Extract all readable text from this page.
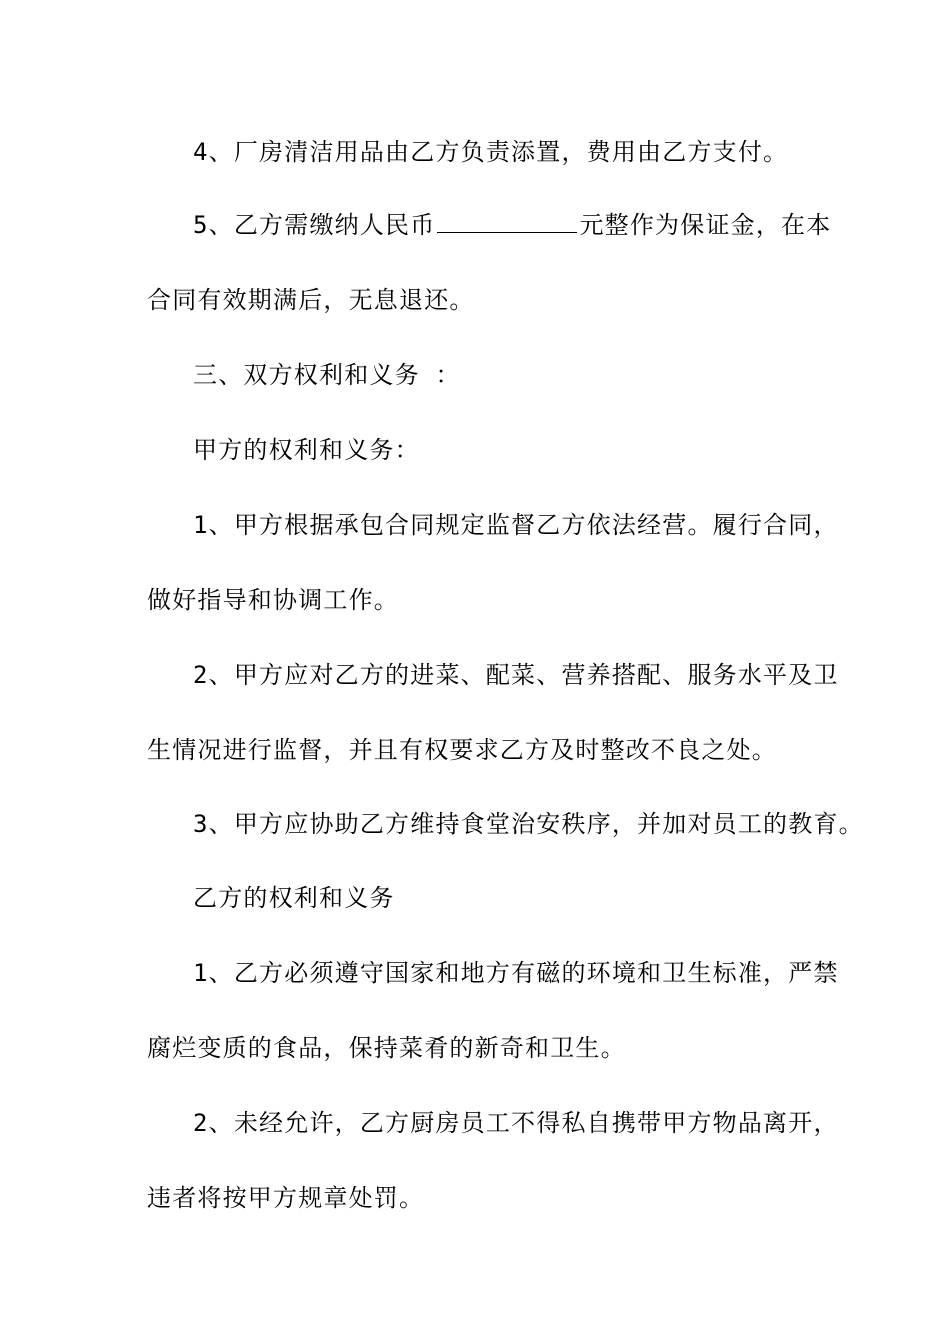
4、厂房清洁用品由乙方负责添置，费用由乙方支付。
5、乙方需缴纳人民币	元整作为保证金，在本
合同有效期满后，无息退还。
三、双方权利和义务 ：
甲方的权利和义务：
1、甲方根据承包合同规定监督乙方依法经营。履行合同，
做好指导和协调工作。
2、甲方应对乙方的进菜、配菜、营养搭配、服务水平及卫
生情况进行监督，并且有权要求乙方及时整改不良之处。
3、甲方应协助乙方维持食堂治安秩序，并加对员工的教育。
乙方的权利和义务
1、乙方必须遵守国家和地方有磁的环境和卫生标准，严禁
腐烂变质的食品，保持菜肴的新奇和卫生。
2、未经允许，乙方厨房员工不得私自携带甲方物品离开，
违者将按甲方规章处罚。
